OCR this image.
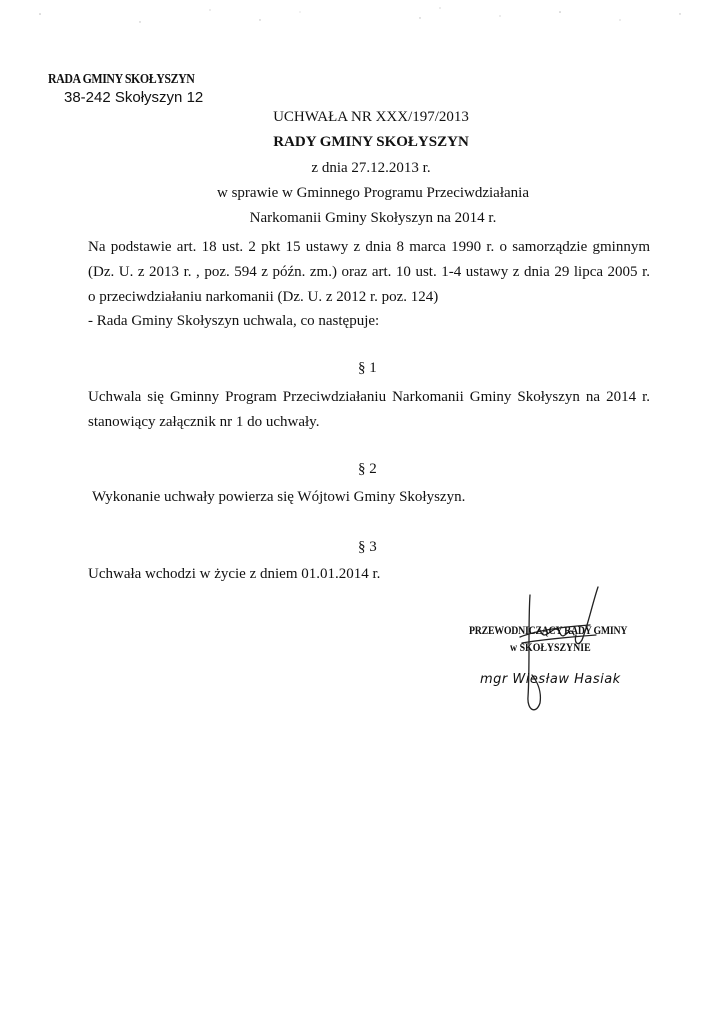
RADA GMINY SKOŁYSZYN
38-242 Skołyszyn 12
UCHWAŁA NR XXX/197/2013
RADY GMINY SKOŁYSZYN
z dnia 27.12.2013 r.
w sprawie w Gminnego Programu Przeciwdziałania
Narkomanii Gminy Skołyszyn na 2014 r.
Na podstawie art. 18 ust. 2 pkt 15 ustawy z dnia 8 marca 1990 r. o samorządzie gminnym
(Dz. U. z 2013 r. , poz. 594 z późn. zm.) oraz art. 10 ust. 1-4 ustawy z dnia 29 lipca 2005 r.
o przeciwdziałaniu narkomanii (Dz. U. z 2012 r. poz. 124)
- Rada Gminy Skołyszyn uchwala, co następuje:
§ 1
Uchwala się Gminny Program Przeciwdziałaniu Narkomanii Gminy Skołyszyn na 2014 r.
stanowiący załącznik nr 1 do uchwały.
§ 2
Wykonanie uchwały powierza się Wójtowi Gminy Skołyszyn.
§ 3
Uchwała wchodzi w życie z dniem 01.01.2014 r.
PRZEWODNICZĄCY RADY GMINY
w SKOŁYSZYNIE
mgr Wiesław Hasiak
